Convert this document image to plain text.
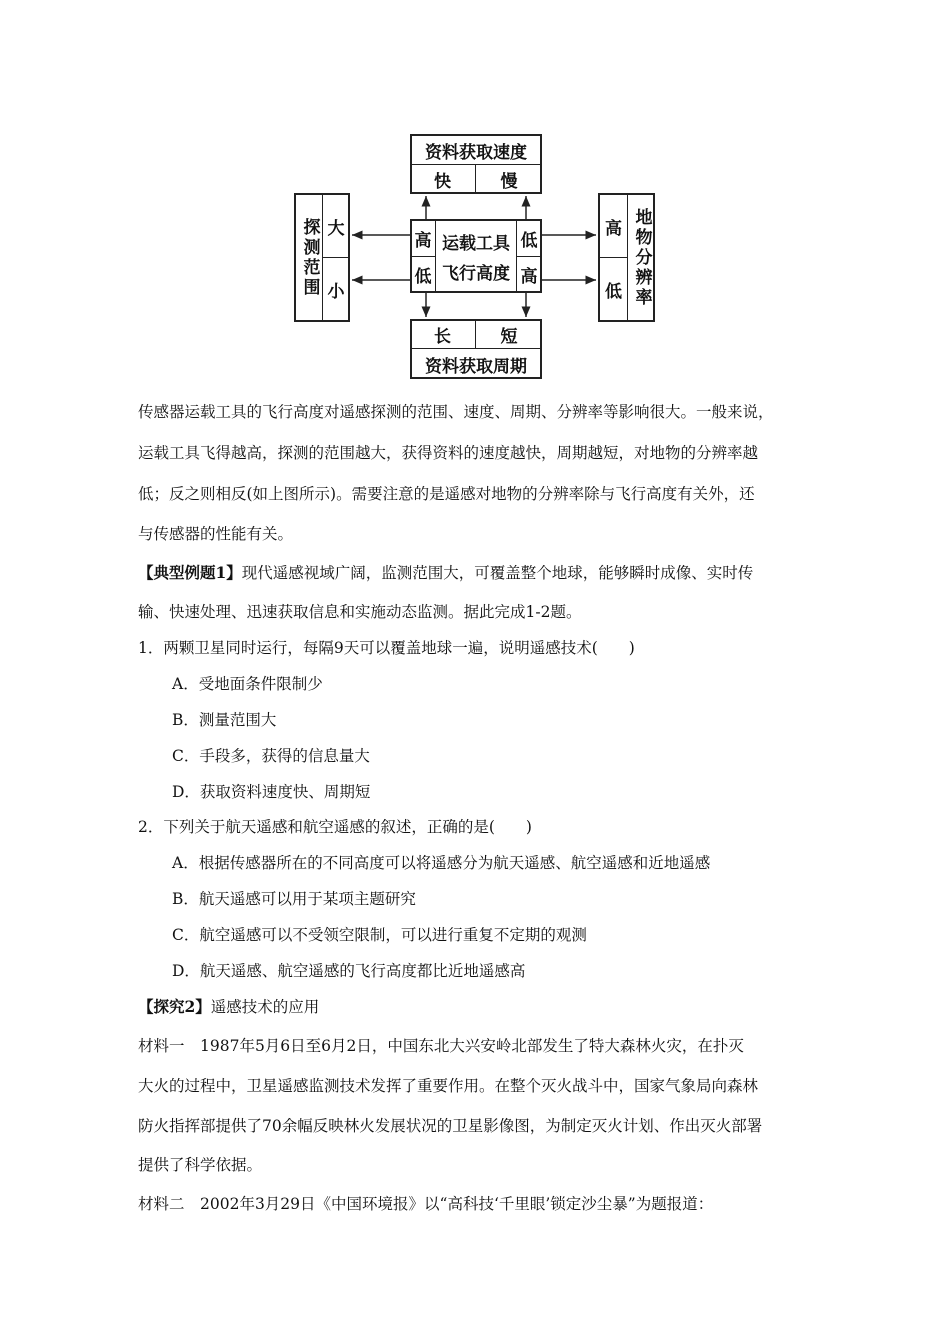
资料获取速度
快	慢
长	短
资料获取周期
探测范围 大
小
高
低 地物分辨率
高
低
运载工具
飞行高度
低
高
传感器运载工具的飞行高度对遥感探测的范围、速度、周期、分辨率等影响很大。一般来说，
运载工具飞得越高，探测的范围越大，获得资料的速度越快，周期越短，对地物的分辨率越
低；反之则相反(如上图所示)。需要注意的是遥感对地物的分辨率除与飞行高度有关外，还
与传感器的性能有关。
【典型例题1】现代遥感视域广阔，监测范围大，可覆盖整个地球，能够瞬时成像、实时传
输、快速处理、迅速获取信息和实施动态监测。据此完成1-2题。
1．两颗卫星同时运行，每隔9天可以覆盖地球一遍，说明遥感技术(　　)
A．受地面条件限制少
B．测量范围大
C．手段多，获得的信息量大
D．获取资料速度快、周期短
2．下列关于航天遥感和航空遥感的叙述，正确的是(　　)
A．根据传感器所在的不同高度可以将遥感分为航天遥感、航空遥感和近地遥感
B．航天遥感可以用于某项主题研究
C．航空遥感可以不受领空限制，可以进行重复不定期的观测
D．航天遥感、航空遥感的飞行高度都比近地遥感高
【探究2】遥感技术的应用
材料一　1987年5月6日至6月2日，中国东北大兴安岭北部发生了特大森林火灾，在扑灭
大火的过程中，卫星遥感监测技术发挥了重要作用。在整个灭火战斗中，国家气象局向森林
防火指挥部提供了70余幅反映林火发展状况的卫星影像图，为制定灭火计划、作出灭火部署
提供了科学依据。
材料二　2002年3月29日《中国环境报》以“高科技‘千里眼’锁定沙尘暴”为题报道：
